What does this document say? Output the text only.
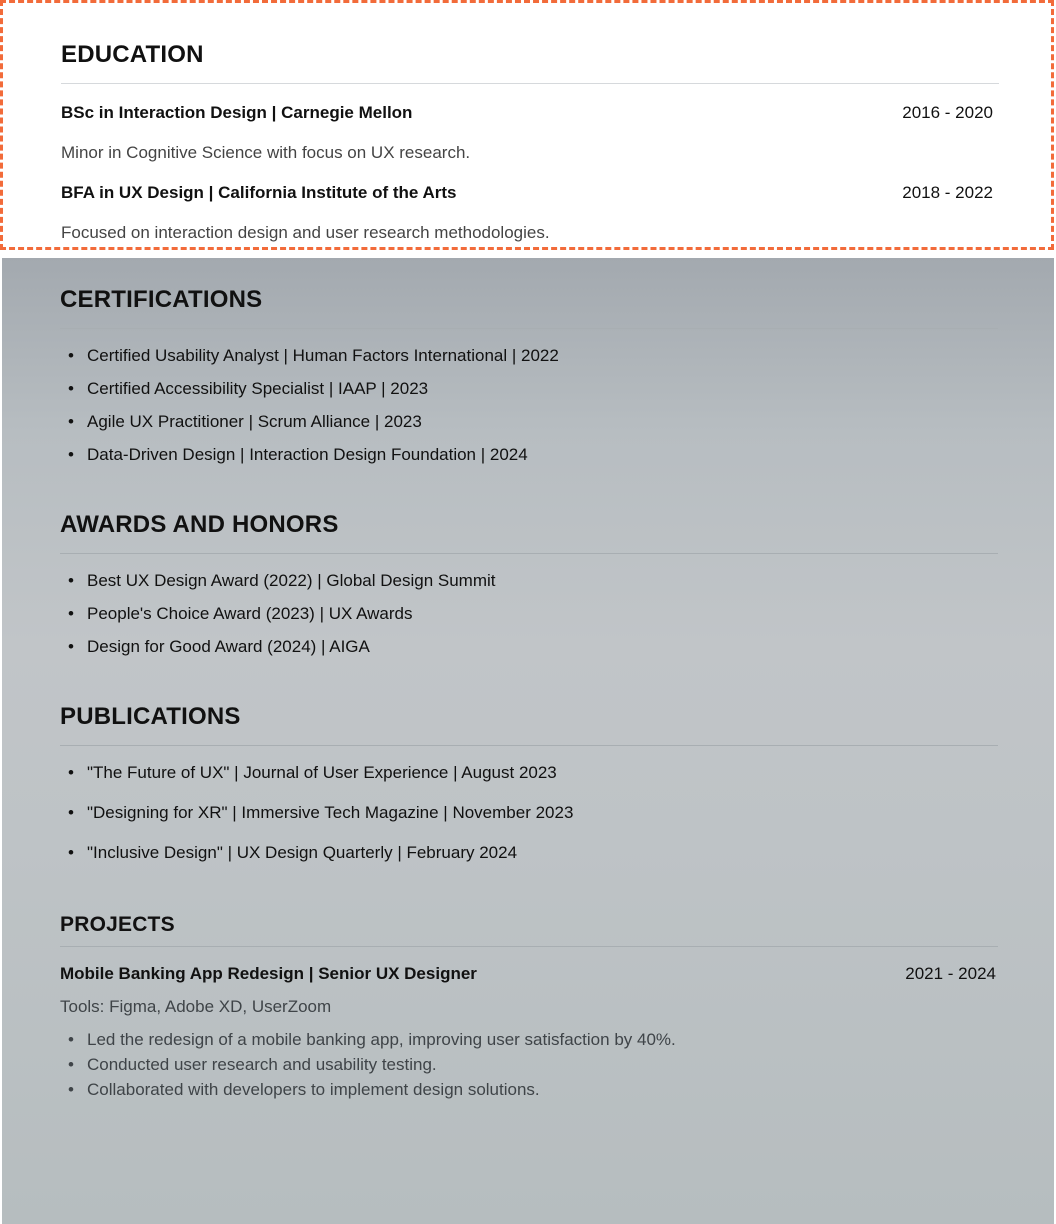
EDUCATION
BSc in Interaction Design | Carnegie Mellon	2016 - 2020
Minor in Cognitive Science with focus on UX research.
BFA in UX Design | California Institute of the Arts	2018 - 2022
Focused on interaction design and user research methodologies.
CERTIFICATIONS
• Certified Usability Analyst | Human Factors International | 2022
• Certified Accessibility Specialist | IAAP | 2023
• Agile UX Practitioner | Scrum Alliance | 2023
• Data-Driven Design | Interaction Design Foundation | 2024
AWARDS AND HONORS
• Best UX Design Award (2022) | Global Design Summit
• People's Choice Award (2023) | UX Awards
• Design for Good Award (2024) | AIGA
PUBLICATIONS
• "The Future of UX" | Journal of User Experience | August 2023
• "Designing for XR" | Immersive Tech Magazine | November 2023
• "Inclusive Design" | UX Design Quarterly | February 2024
PROJECTS
Mobile Banking App Redesign | Senior UX Designer	2021 - 2024
Tools: Figma, Adobe XD, UserZoom
• Led the redesign of a mobile banking app, improving user satisfaction by 40%.
• Conducted user research and usability testing.
• Collaborated with developers to implement design solutions.
